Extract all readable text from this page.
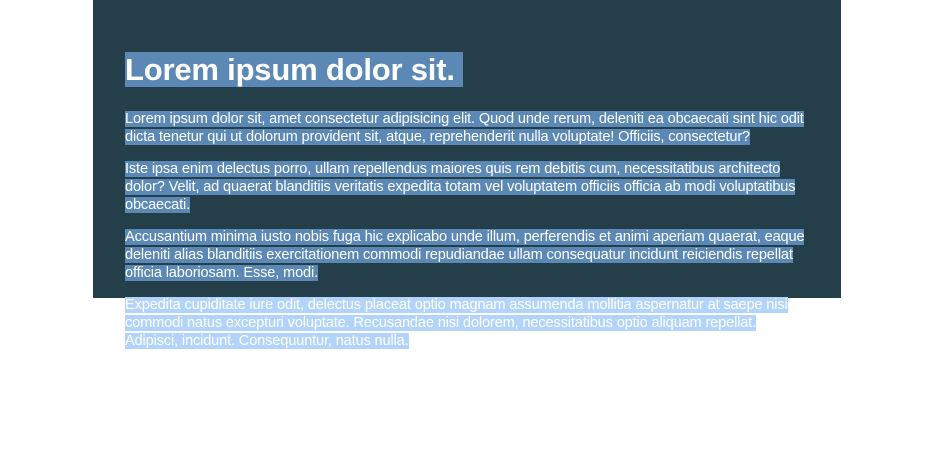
Lorem ipsum dolor sit.

Lorem ipsum dolor sit, amet consectetur adipisicing elit. Quod unde rerum, deleniti ea obcaecati sint hic odit dicta tenetur qui ut dolorum provident sit, atque, reprehenderit nulla voluptate! Officiis, consectetur?

Iste ipsa enim delectus porro, ullam repellendus maiores quis rem debitis cum, necessitatibus architecto dolor? Velit, ad quaerat blanditiis veritatis expedita totam vel voluptatem officiis officia ab modi voluptatibus obcaecati.

Accusantium minima iusto nobis fuga hic explicabo unde illum, perferendis et animi aperiam quaerat, eaque deleniti alias blanditiis exercitationem commodi repudiandae ullam consequatur incidunt reiciendis repellat officia laboriosam. Esse, modi.

Expedita cupiditate iure odit, delectus placeat optio magnam assumenda mollitia aspernatur at saepe nisi commodi natus excepturi voluptate. Recusandae nisi dolorem, necessitatibus optio aliquam repellat. Adipisci, incidunt. Consequuntur, natus nulla.
